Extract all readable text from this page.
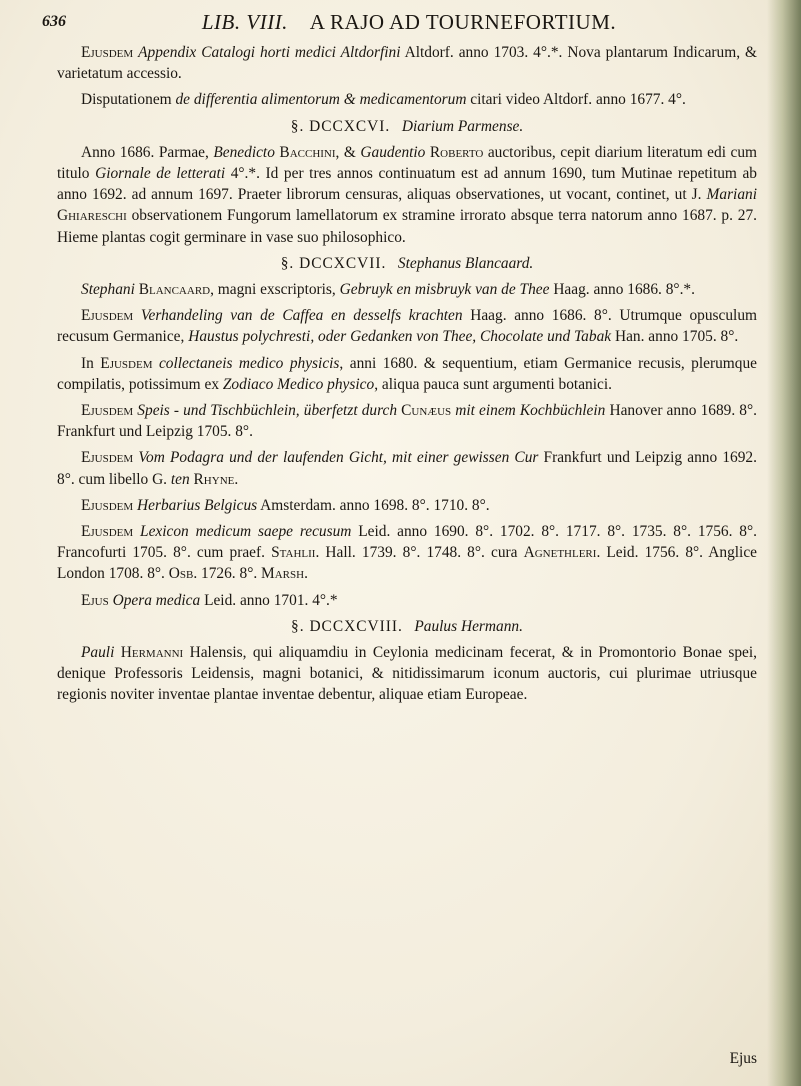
636	LIB. VIII. A RAJO AD TOURNEFORTIUM.

Ejusdem Appendix Catalogi horti medici Altdorfini Altdorf. anno 1703. 4°.*. Nova plantarum Indicarum, & varietatum accessio.

Disputationem de differentia alimentorum & medicamentorum citari video Altdorf. anno 1677. 4°.

§. DCCXCVI. Diarium Parmense.

Anno 1686. Parmae, Benedicto Bacchini, & Gaudentio Roberto auctoribus, cepit diarium literatum edi cum titulo Giornale de letterati 4°.*. Id per tres annos continuatum est ad annum 1690, tum Mutinae repetitum ab anno 1692. ad annum 1697. Praeter librorum censuras, aliquas observationes, ut vocant, continet, ut J. Mariani Ghiareschi observationem Fungorum lamellatorum ex stramine irrorato absque terra natorum anno 1687. p. 27. Hieme plantas cogit germinare in vase suo philosophico.

§. DCCXCVII. Stephanus Blancaard.

Stephani Blancaard, magni exscriptoris, Gebruyk en misbruyk van de Thee Haag. anno 1686. 8°.*.

Ejusdem Verhandeling van de Caffea en desselfs krachten Haag. anno 1686. 8°. Utrumque opusculum recusum Germanice, Haustus polychresti, oder Gedanken von Thee, Chocolate und Tabak Han. anno 1705. 8°.

In Ejusdem collectaneis medico physicis, anni 1680. & sequentium, etiam Germanice recusis, plerumque compilatis, potissimum ex Zodiaco Medico physico, aliqua pauca sunt argumenti botanici.

Ejusdem Speis - und Tischbüchlein, überfetzt durch Cunæus mit einem Kochbüchlein Hanover anno 1689. 8°. Frankfurt und Leipzig 1705. 8°.

Ejusdem Vom Podagra und der laufenden Gicht, mit einer gewissen Cur Frankfurt und Leipzig anno 1692. 8°. cum libello G. ten Rhyne.

Ejusdem Herbarius Belgicus Amsterdam. anno 1698. 8°. 1710. 8°.

Ejusdem Lexicon medicum saepe recusum Leid. anno 1690. 8°. 1702. 8°. 1717. 8°. 1735. 8°. 1756. 8°. Francofurti 1705. 8°. cum praef. Stahlii. Hall. 1739. 8°. 1748. 8°. cura Agnethleri. Leid. 1756. 8°. Anglice London 1708. 8°. Osb. 1726. 8°. Marsh.

Ejus Opera medica Leid. anno 1701. 4°.*

§. DCCXCVIII. Paulus Hermann.

Pauli Hermanni Halensis, qui aliquamdiu in Ceylonia medicinam fecerat, & in Promontorio Bonae spei, denique Professoris Leidensis, magni botanici, & nitidissimarum iconum auctoris, cui plurimae utriusque regionis noviter inventae plantae inventae debentur, aliquae etiam Europeae.

Ejus
